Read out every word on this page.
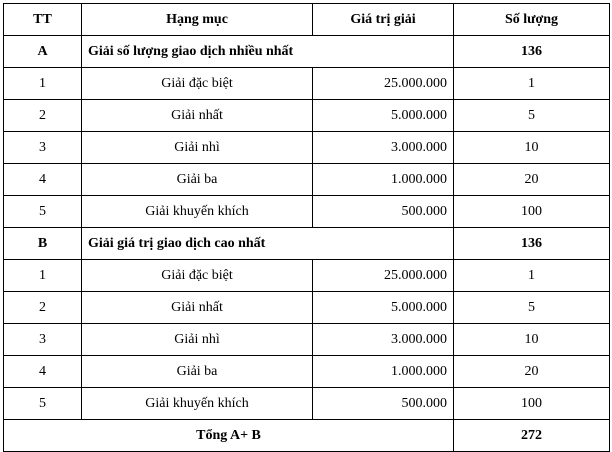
TT	Hạng mục	Giá trị giải	Số lượng
A	Giải số lượng giao dịch nhiều nhất		136
1	Giải đặc biệt	25.000.000	1
2	Giải nhất	5.000.000	5
3	Giải nhì	3.000.000	10
4	Giải ba	1.000.000	20
5	Giải khuyến khích	500.000	100
B	Giải giá trị giao dịch cao nhất		136
1	Giải đặc biệt	25.000.000	1
2	Giải nhất	5.000.000	5
3	Giải nhì	3.000.000	10
4	Giải ba	1.000.000	20
5	Giải khuyến khích	500.000	100
Tổng A+ B			272
